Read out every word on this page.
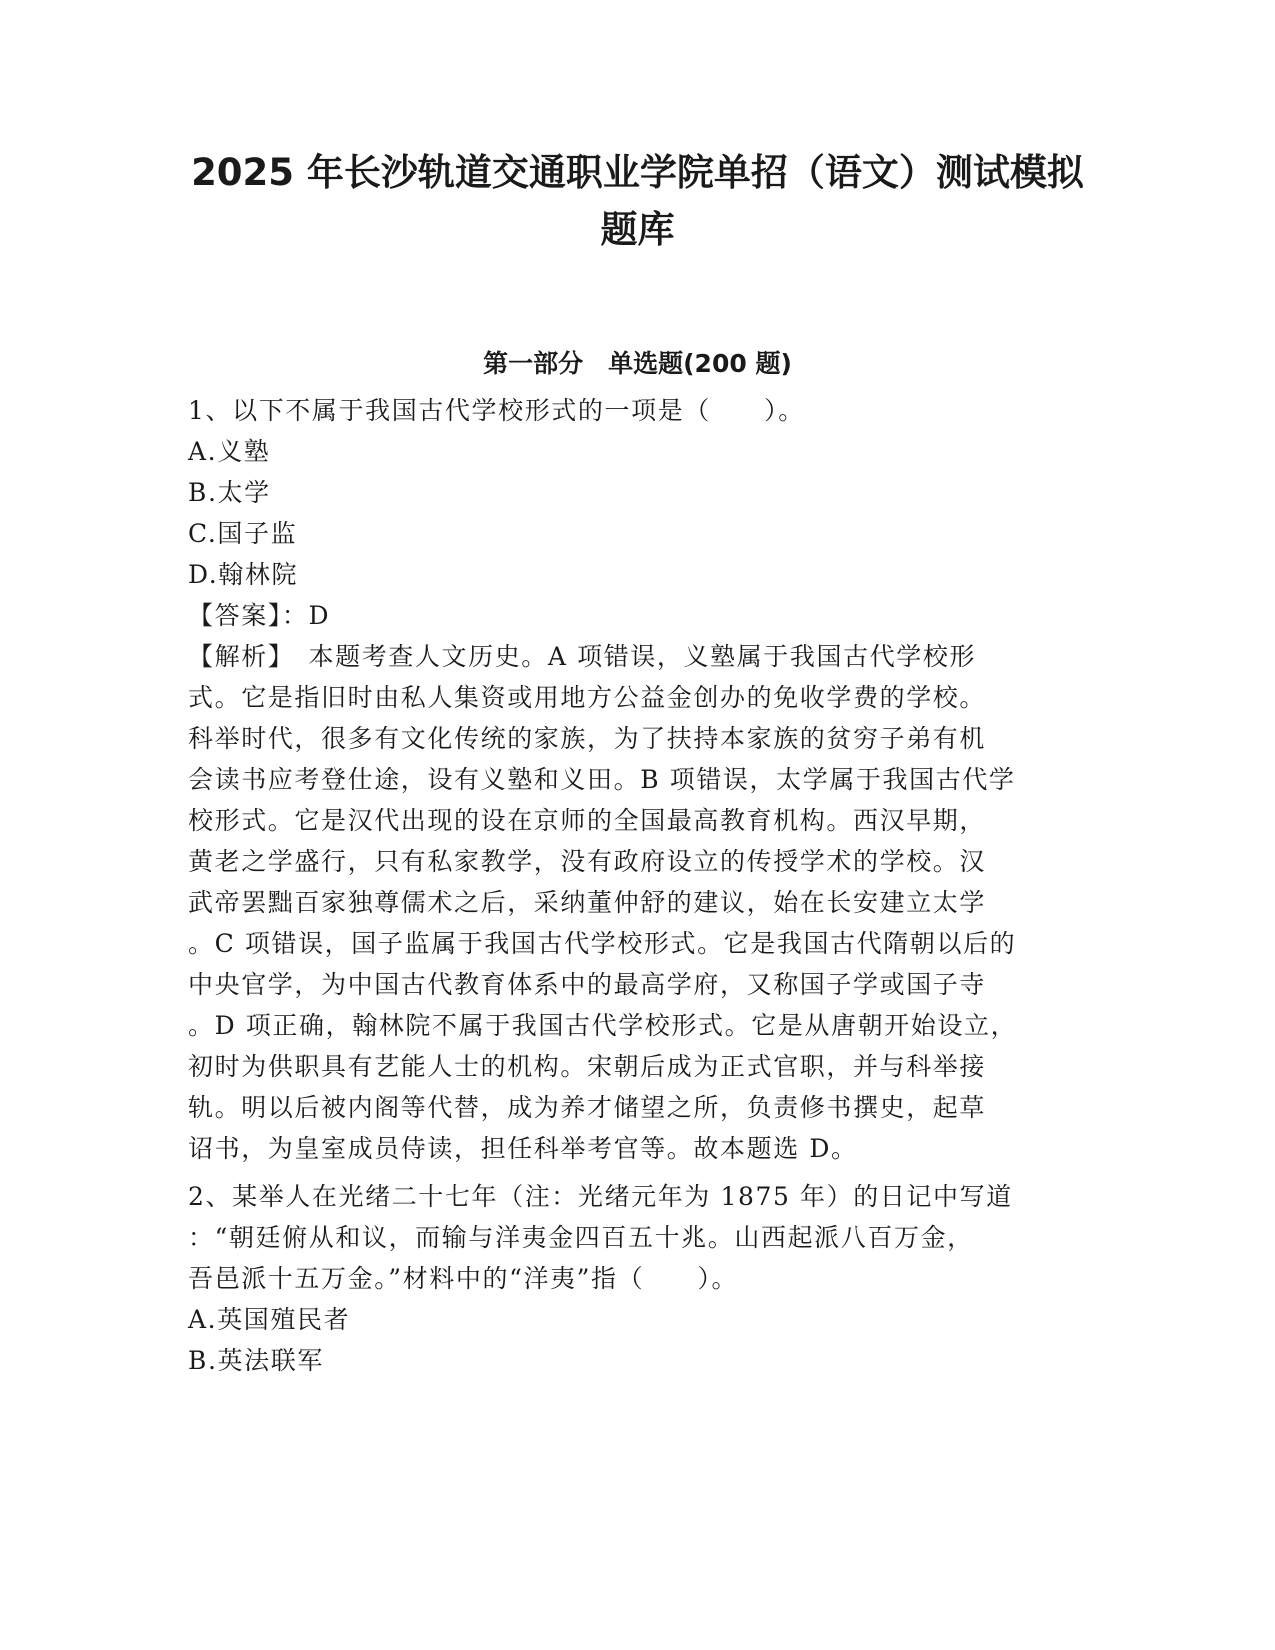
2025 年长沙轨道交通职业学院单招（语文）测试模拟
题库
第一部分　单选题(200 题)

1、以下不属于我国古代学校形式的一项是（　　）。

A.义塾

B.太学

C.国子监

D.翰林院

【答案】：D

【解析】　本题考查人文历史。A 项错误，义塾属于我国古代学校形

式。它是指旧时由私人集资或用地方公益金创办的免收学费的学校。

科举时代，很多有文化传统的家族，为了扶持本家族的贫穷子弟有机

会读书应考登仕途，设有义塾和义田。B 项错误，太学属于我国古代学

校形式。它是汉代出现的设在京师的全国最高教育机构。西汉早期，

黄老之学盛行，只有私家教学，没有政府设立的传授学术的学校。汉

武帝罢黜百家独尊儒术之后，采纳董仲舒的建议，始在长安建立太学

。C 项错误，国子监属于我国古代学校形式。它是我国古代隋朝以后的

中央官学，为中国古代教育体系中的最高学府，又称国子学或国子寺

。D 项正确，翰林院不属于我国古代学校形式。它是从唐朝开始设立，

初时为供职具有艺能人士的机构。宋朝后成为正式官职，并与科举接

轨。明以后被内阁等代替，成为养才储望之所，负责修书撰史，起草

诏书，为皇室成员侍读，担任科举考官等。故本题选 D。

2、某举人在光绪二十七年（注：光绪元年为 1875 年）的日记中写道

：“朝廷俯从和议，而输与洋夷金四百五十兆。山西起派八百万金，

吾邑派十五万金。”材料中的“洋夷”指（　　）。

A.英国殖民者

B.英法联军
